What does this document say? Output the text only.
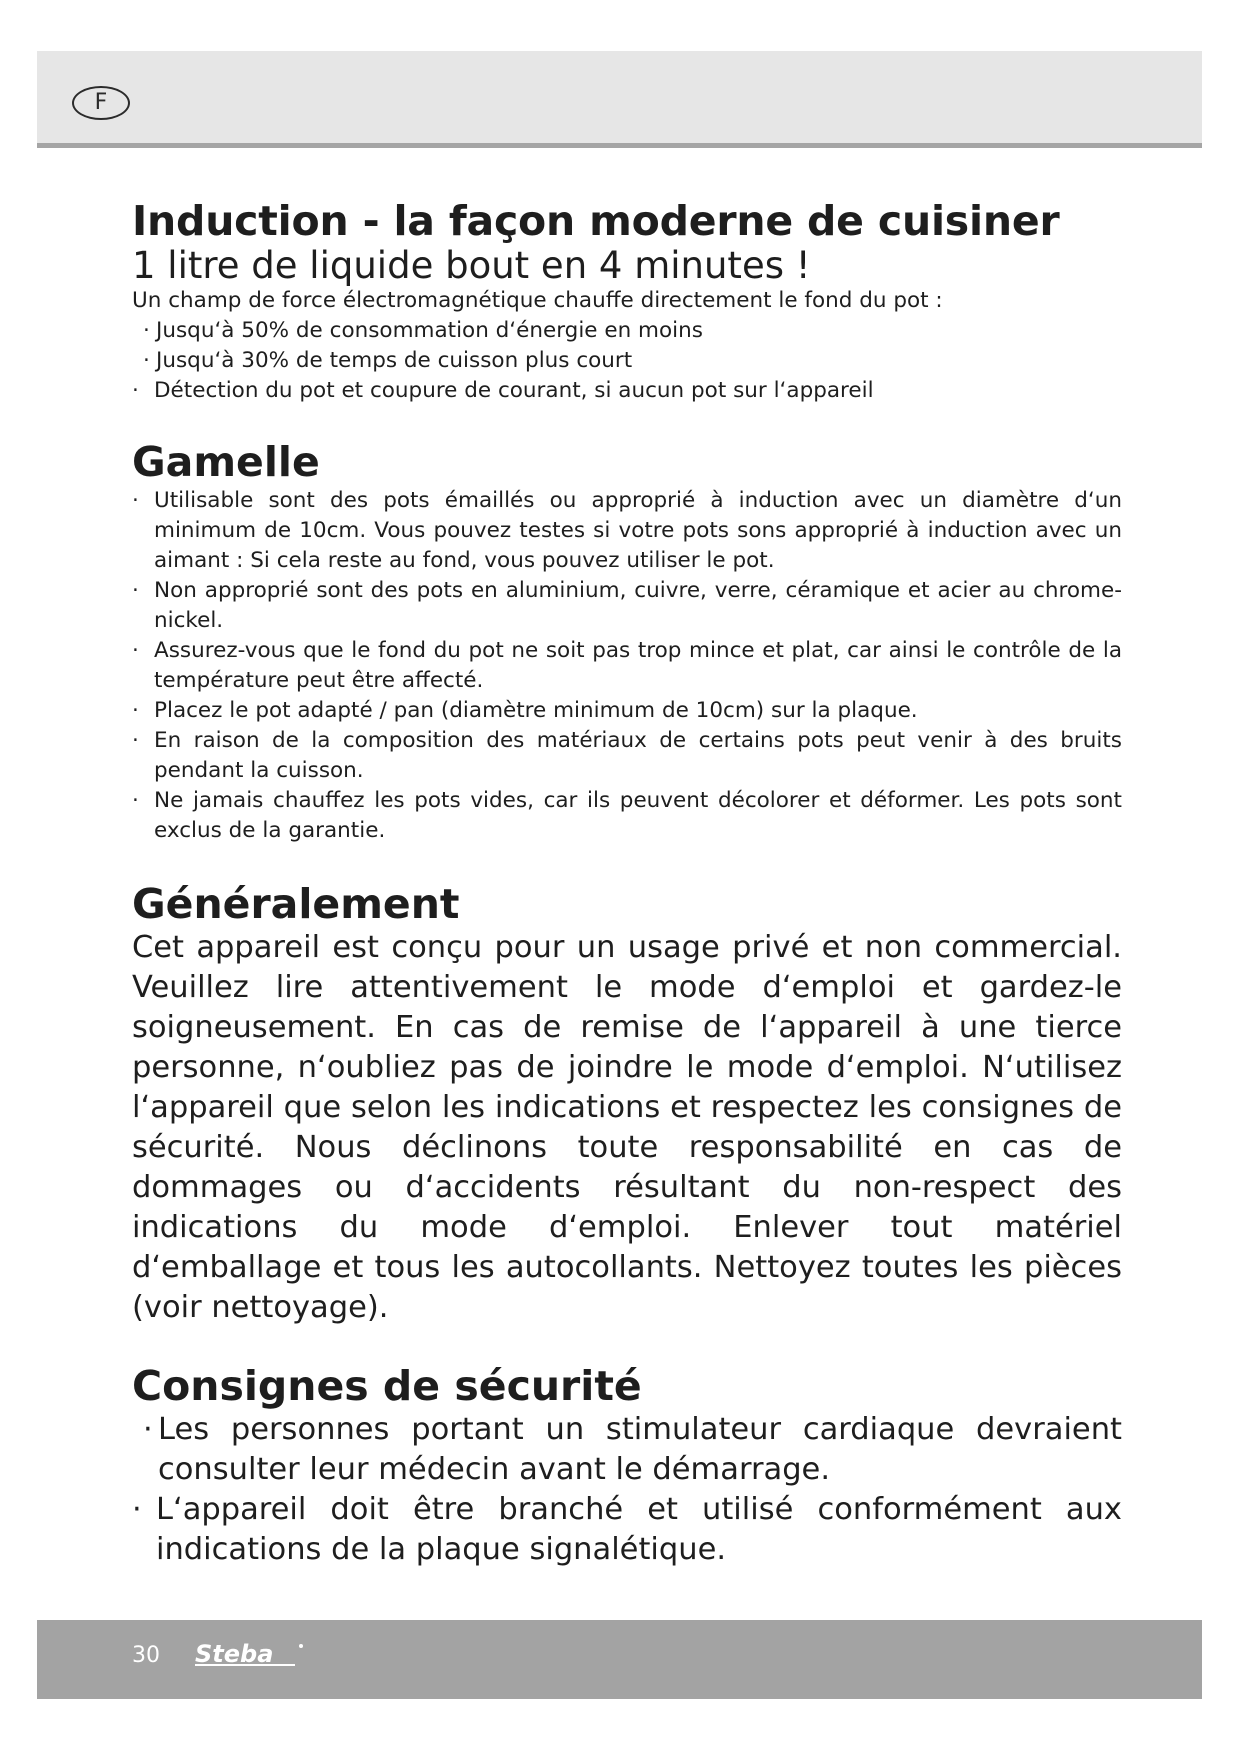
F
Induction - la façon moderne de cuisiner
1 litre de liquide bout en 4 minutes !

Un champ de force électromagnétique chauffe directement le fond du pot :

· Jusqu‘à 50% de consommation d‘énergie en moins
· Jusqu‘à 30% de temps de cuisson plus court
· Détection du pot et coupure de courant, si aucun pot sur l‘appareil
Gamelle
· Utilisable sont des pots émaillés ou approprié à induction avec un diamètre d‘un minimum de 10cm. Vous pouvez testes si votre pots sons approprié à induction avec un aimant : Si cela reste au fond, vous pouvez utiliser le pot.
· Non approprié sont des pots en aluminium, cuivre, verre, céramique et acier au chrome-nickel.
· Assurez-vous que le fond du pot ne soit pas trop mince et plat, car ainsi le contrôle de la température peut être affecté.
· Placez le pot adapté / pan (diamètre minimum de 10cm) sur la plaque.
· En raison de la composition des matériaux de certains pots peut venir à des bruits pendant la cuisson.
· Ne jamais chauffez les pots vides, car ils peuvent décolorer et déformer. Les pots sont exclus de la garantie.
Généralement

Cet appareil est conçu pour un usage privé et non commercial. Veuillez lire attentivement le mode d‘emploi et gardez-le soigneusement. En cas de remise de l‘appareil à une tierce personne, n‘oubliez pas de joindre le mode d‘emploi. N‘utilisez l‘appareil que selon les indications et respectez les consignes de sécurité. Nous déclinons toute responsabilité en cas de dommages ou d‘accidents résultant du non-respect des indications du mode d‘emploi. Enlever tout matériel d‘emballage et tous les autocollants. Nettoyez toutes les pièces (voir nettoyage).

Consignes de sécurité
· Les personnes portant un stimulateur cardiaque devraient consulter leur médecin avant le démarrage.
· L‘appareil doit être branché et utilisé conformément aux indications de la plaque signalétique.
30 Steba
